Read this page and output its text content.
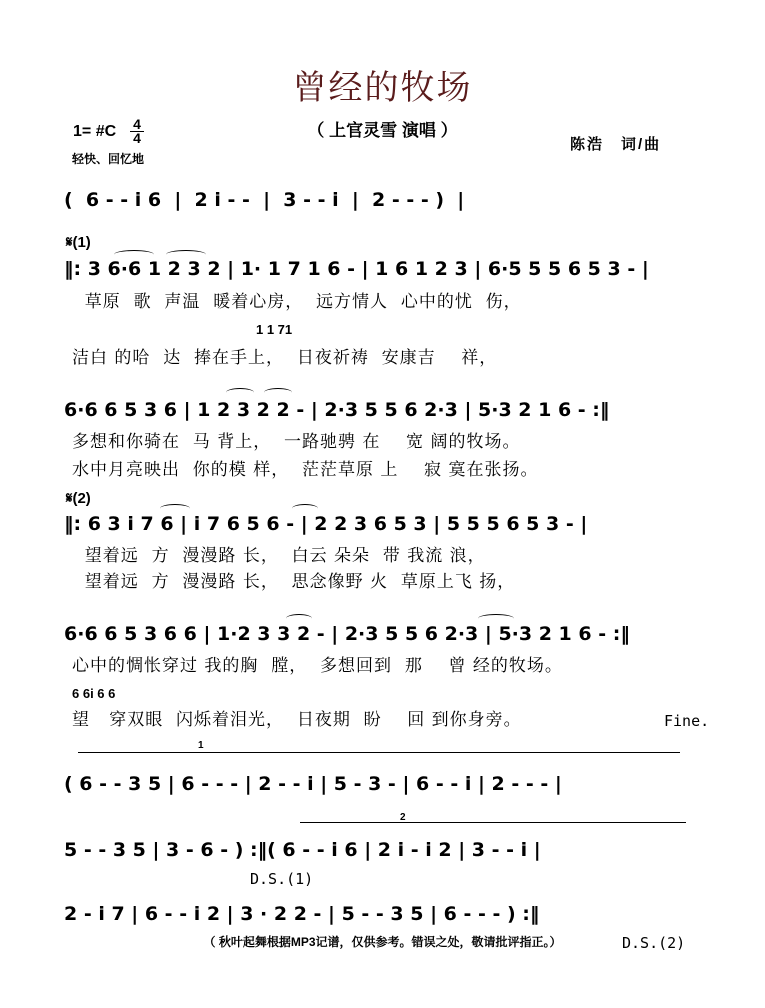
曾经的牧场
（ 上官灵雪 演唱 ）
1= #C 4
4
轻快、回忆地
陈浩　词/曲
(  6 - - i 6  |  2 i - -  |  3 - - i  |  2 - - - )  |
𝄋(1)
‖: 3 6·6 1 2 3 2 | 1· 1 7 1 6 - | 1 6 1 2 3 | 6·5 5 5 6 5 3 - |
草原  歌  声温  暖着心房，  远方情人  心中的忧  伤，
1 1 71
洁白 的哈  达  捧在手上，  日夜祈祷  安康吉    祥，
6·6 6 5 3 6 | 1 2 3 2 2 - | 2·3 5 5 6 2·3 | 5·3 2 1 6 - :‖
多想和你骑在  马 背上，  一路驰骋 在    宽 阔的牧场。
水中月亮映出  你的模 样，  茫茫草原 上    寂 寞在张扬。
𝄋(2)
‖: 6 3 i 7 6 | i 7 6 5 6 - | 2 2 3 6 5 3 | 5 5 5 6 5 3 - |
望着远  方  漫漫路 长，  白云 朵朵  带 我流 浪，
望着远  方  漫漫路 长，  思念像野 火  草原上飞 扬，
6·6 6 5 3 6 6 | 1·2 3 3 2 - | 2·3 5 5 6 2·3 | 5·3 2 1 6 - :‖
心中的惆怅穿过 我的胸  膛，  多想回到  那    曾 经的牧场。
6 6i 6 6
望   穿双眼  闪烁着泪光，  日夜期  盼    回 到你身旁。	Fine.
1
( 6 - - 3 5 | 6 - - - | 2 - - i | 5 - 3 - | 6 - - i | 2 - - - |
2
5 - - 3 5 | 3 - 6 - ) :‖( 6 - - i 6 | 2 i - i 2 | 3 - - i |
D.S.(1)
2 - i 7 | 6 - - i 2 | 3 · 2 2 - | 5 - - 3 5 | 6 - - - ) :‖
（ 秋叶起舞根据MP3记谱，仅供参考。错误之处，敬请批评指正。）	D.S.(2)
